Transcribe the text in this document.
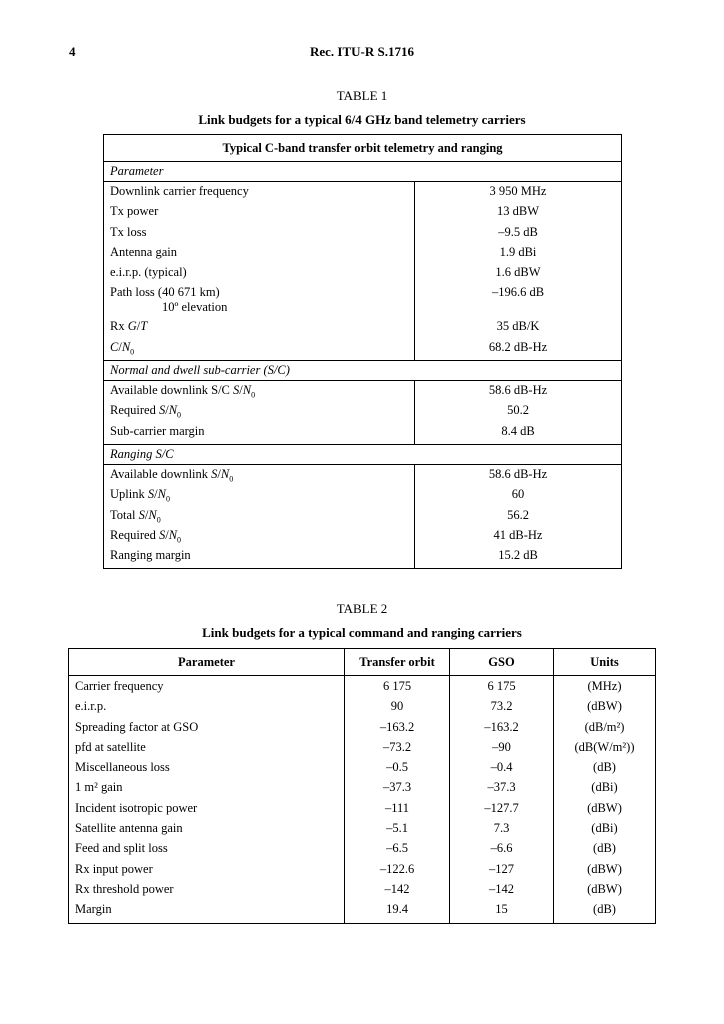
4	Rec. ITU-R S.1716
TABLE 1
Link budgets for a typical 6/4 GHz band telemetry carriers
Typical C-band transfer orbit telemetry and ranging	
Parameter	
Downlink carrier frequency	3 950 MHz
Tx power	13 dBW
Tx loss	–9.5 dB
Antenna gain	1.9 dBi
e.i.r.p. (typical)	1.6 dBW
Path loss (40 671 km)
10º elevation	–196.6 dB
Rx G/T	35 dB/K
$C/N_0$	68.2 dB-Hz
Normal and dwell sub-carrier (S/C)	
Available downlink S/C $S/N_0$	58.6 dB-Hz
Required $S/N_0$	50.2
Sub-carrier margin	8.4 dB
Ranging S/C	
Available downlink $S/N_0$	58.6 dB-Hz
Uplink $S/N_0$	60
Total $S/N_0$	56.2
Required $S/N_0$	41 dB-Hz
Ranging margin	15.2 dB
TABLE 2
Link budgets for a typical command and ranging carriers
Parameter	Transfer orbit	GSO	Units
Carrier frequency	6 175	6 175	(MHz)
e.i.r.p.	90	73.2	(dBW)
Spreading factor at GSO	–163.2	–163.2	(dB/m²)
pfd at satellite	–73.2	–90	(dB(W/m²))
Miscellaneous loss	–0.5	–0.4	(dB)
1 m² gain	–37.3	–37.3	(dBi)
Incident isotropic power	–111	–127.7	(dBW)
Satellite antenna gain	–5.1	7.3	(dBi)
Feed and split loss	–6.5	–6.6	(dB)
Rx input power	–122.6	–127	(dBW)
Rx threshold power	–142	–142	(dBW)
Margin	19.4	15	(dB)
